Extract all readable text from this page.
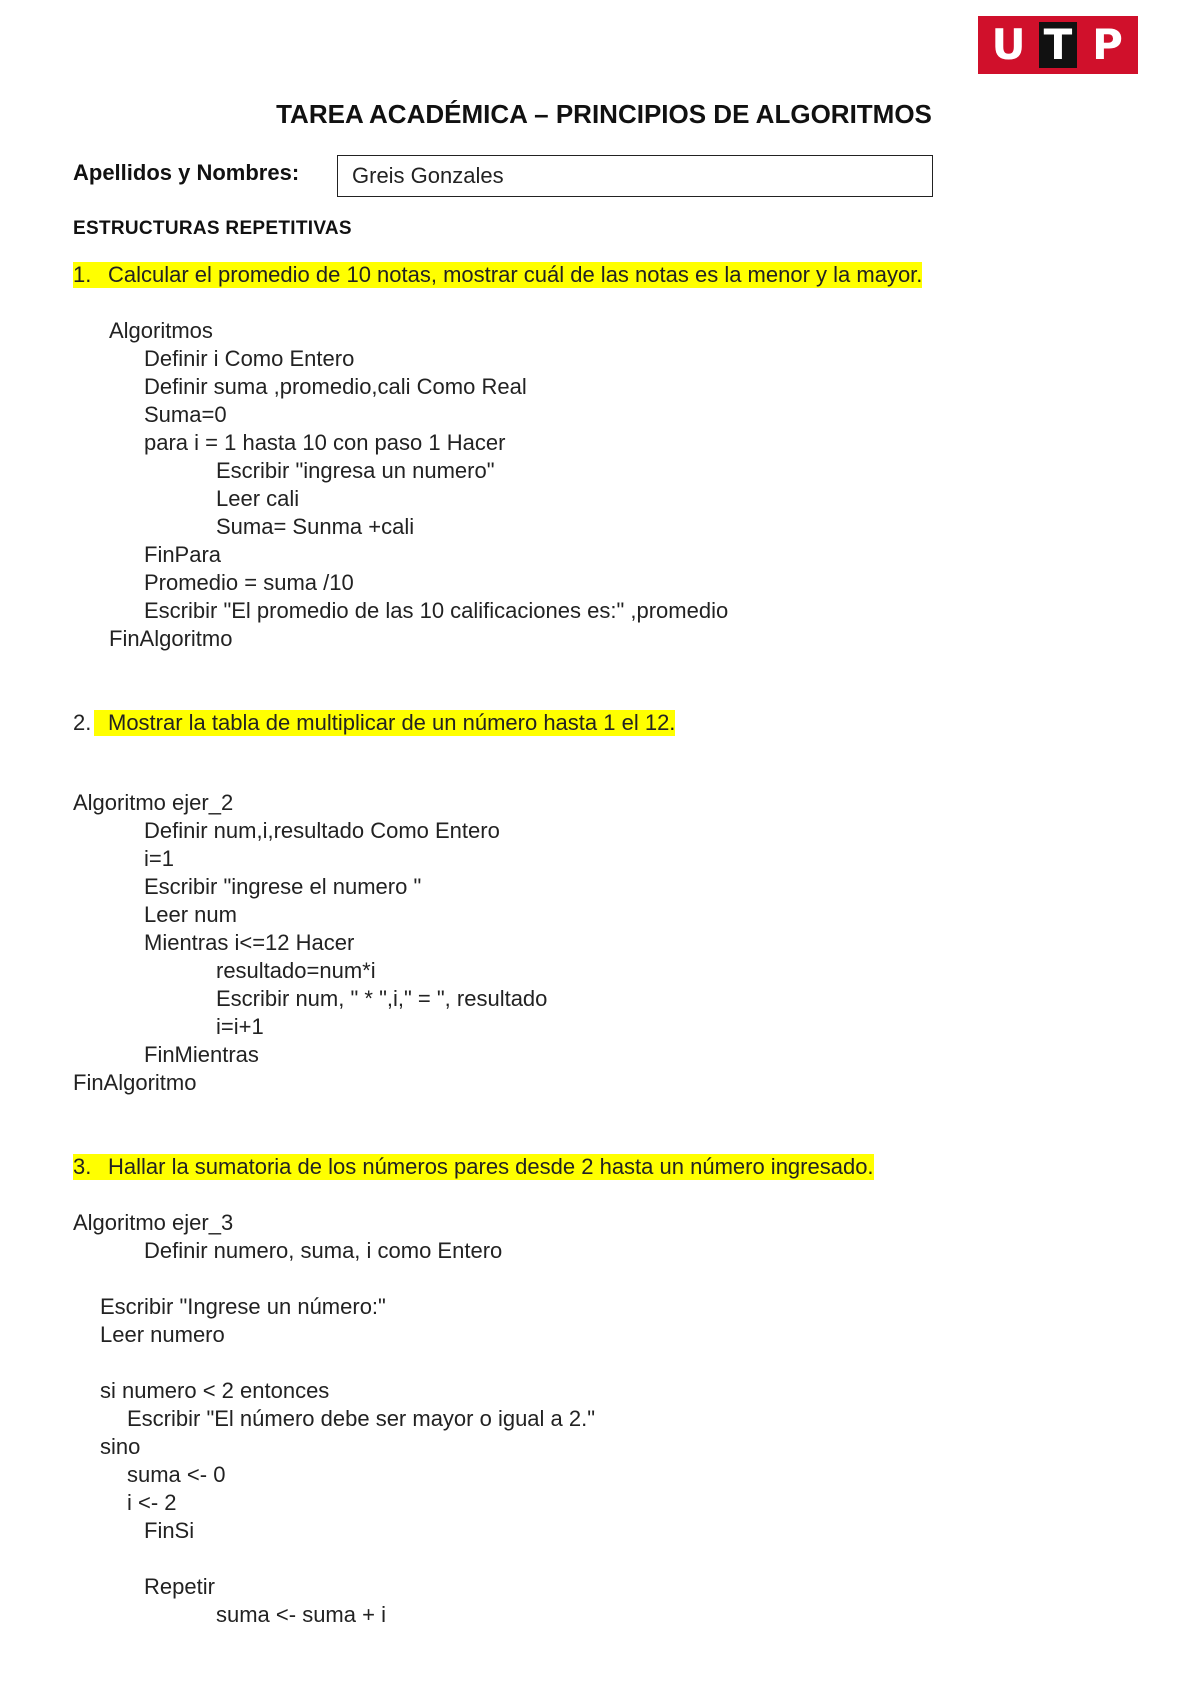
U T P
TAREA ACADÉMICA – PRINCIPIOS DE ALGORITMOS
Apellidos y Nombres:	Greis Gonzales
ESTRUCTURAS REPETITIVAS
1. Calcular el promedio de 10 notas, mostrar cuál de las notas es la menor y la mayor.
Algoritmos
Definir i Como Entero
Definir suma ,promedio,cali Como Real
Suma=0
para i = 1 hasta 10 con paso 1 Hacer
Escribir "ingresa un numero"
Leer cali
Suma= Sunma +cali
FinPara
Promedio = suma /10
Escribir "El promedio de las 10 calificaciones es:" ,promedio
FinAlgoritmo
2. Mostrar la tabla de multiplicar de un número hasta 1 el 12.
Algoritmo ejer_2
Definir num,i,resultado Como Entero
i=1
Escribir "ingrese el numero "
Leer num
Mientras i<=12 Hacer
resultado=num*i
Escribir num, " * ",i," = ", resultado
i=i+1
FinMientras
FinAlgoritmo
3. Hallar la sumatoria de los números pares desde 2 hasta un número ingresado.
Algoritmo ejer_3
Definir numero, suma, i como Entero
Escribir "Ingrese un número:"
Leer numero
si numero < 2 entonces
Escribir "El número debe ser mayor o igual a 2."
sino
suma <- 0
i <- 2
FinSi
Repetir
suma <- suma + i
